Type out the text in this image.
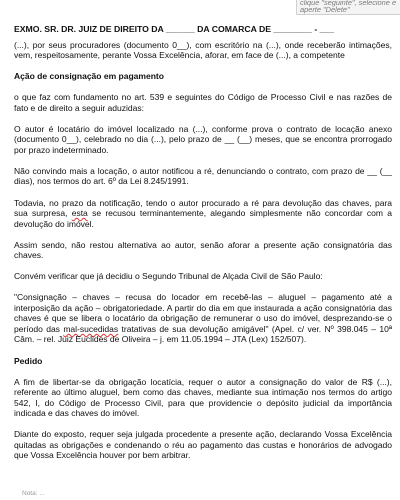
clique "seguinte", selecione e
aperte "Delete"
EXMO. SR. DR. JUIZ DE DIREITO DA ______ DA COMARCA DE ________ - ___
(...), por seus procuradores (documento 0__), com escritório na (...), onde receberão intimações, vem, respeitosamente, perante Vossa Excelência, aforar, em face de (...), a competente
Ação de consignação em pagamento
o que faz com fundamento no art. 539 e seguintes do Código de Processo Civil e nas razões de fato e de direito a seguir aduzidas:
O autor é locatário do imóvel localizado na (...), conforme prova o contrato de locação anexo (documento 0__), celebrado no dia (...), pelo prazo de __ (__) meses, que se encontra prorrogado por prazo indeterminado.
Não convindo mais a locação, o autor notificou a ré, denunciando o contrato, com prazo de __ (__ dias), nos termos do art. 6º da Lei 8.245/1991.
Todavia, no prazo da notificação, tendo o autor procurado a ré para devolução das chaves, para sua surpresa, esta se recusou terminantemente, alegando simplesmente não concordar com a devolução do imóvel.
Assim sendo, não restou alternativa ao autor, senão aforar a presente ação consignatória das chaves.
Convém verificar que já decidiu o Segundo Tribunal de Alçada Civil de São Paulo:
"Consignação – chaves – recusa do locador em recebê-las – aluguel – pagamento até a interposição da ação – obrigatoriedade. A partir do dia em que instaurada a ação consignatória das chaves é que se libera o locatário da obrigação de remunerar o uso do imóvel, desprezando-se o período das mal-sucedidas tratativas de sua devolução amigável" (Apel. c/ ver. Nº 398.045 – 10ª Câm. – rel. Juiz Euclides de Oliveira – j. em 11.05.1994 – JTA (Lex) 152/507).
Pedido
A fim de libertar-se da obrigação locatícia, requer o autor a consignação do valor de R$ (...), referente ao último aluguel, bem como das chaves, mediante sua intimação nos termos do artigo 542, I, do Código de Processo Civil, para que providencie o depósito judicial da importância indicada e das chaves do imóvel.
Diante do exposto, requer seja julgada procedente a presente ação, declarando Vossa Excelência quitadas as obrigações e condenando o réu ao pagamento das custas e honorários de advogado que Vossa Excelência houver por bem arbitrar.
Nota: ...
